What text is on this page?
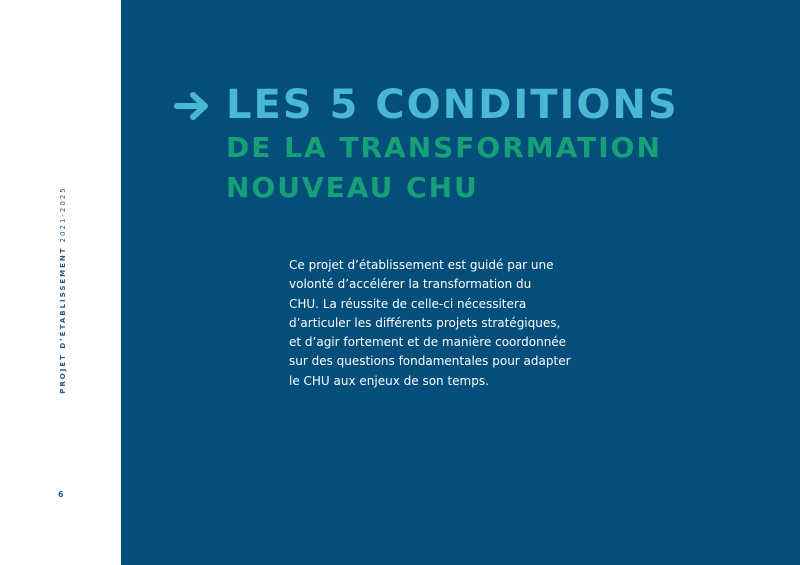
PROJET D’ÉTABLISSEMENT2021-2025
6
LES 5 CONDITIONS
DE LA TRANSFORMATION
NOUVEAU CHU

Ce projet d’établissement est guidé par une
volonté d’accélérer la transformation du
CHU. La réussite de celle-ci nécessitera
d’articuler les différents projets stratégiques,
et d’agir fortement et de manière coordonnée
sur des questions fondamentales pour adapter
le CHU aux enjeux de son temps.
